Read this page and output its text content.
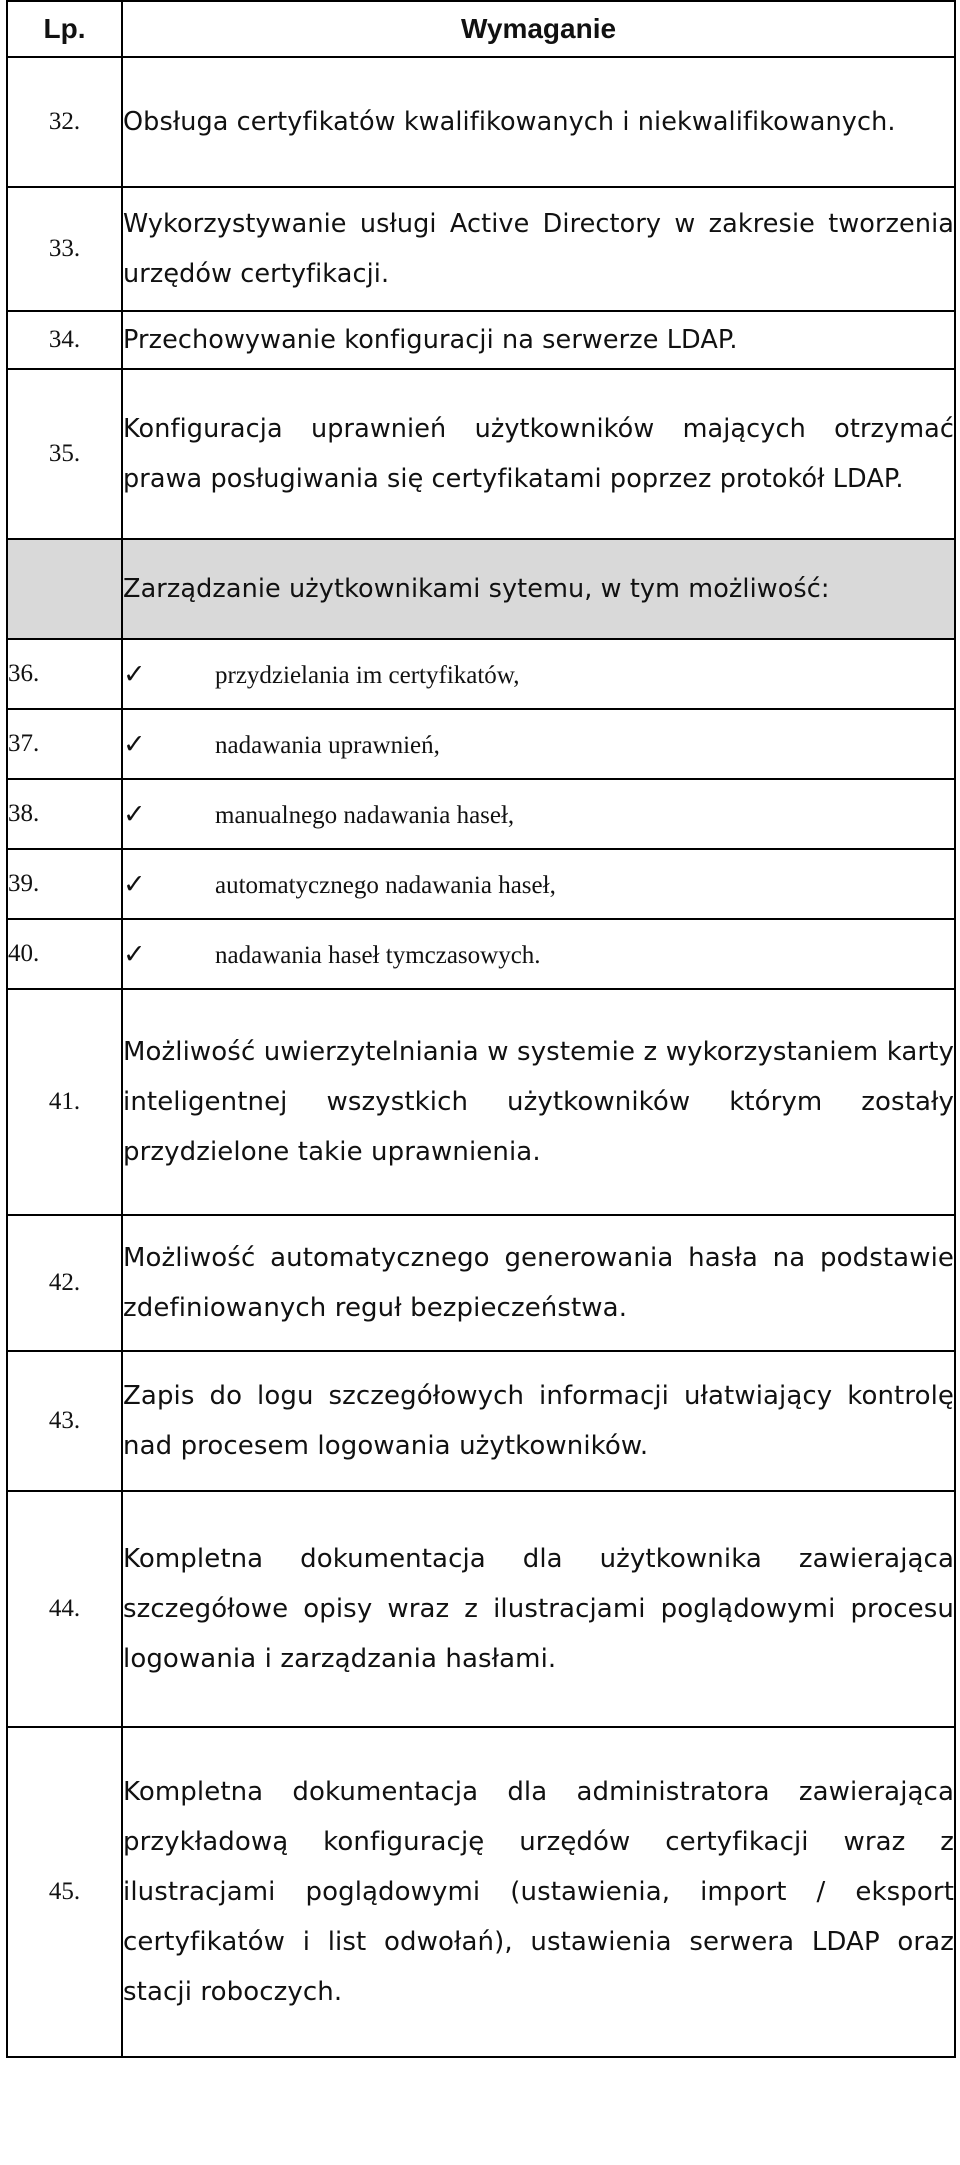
Lp.	Wymaganie
32.	Obsługa certyfikatów kwalifikowanych i niekwalifikowanych.
33.	Wykorzystywanie usługi Active Directory w zakresie tworzenia urzędów certyfikacji.
34.	Przechowywanie konfiguracji na serwerze LDAP.
35.	Konfiguracja uprawnień użytkowników mających otrzymać prawa posługiwania się certyfikatami poprzez protokół LDAP.
	Zarządzanie użytkownikami sytemu, w tym możliwość:
36.	✓ przydzielania im certyfikatów,
37.	✓ nadawania uprawnień,
38.	✓ manualnego nadawania haseł,
39.	✓ automatycznego nadawania haseł,
40.	✓ nadawania haseł tymczasowych.
41.	Możliwość uwierzytelniania w systemie z wykorzystaniem karty inteligentnej wszystkich użytkowników którym zostały przydzielone takie uprawnienia.
42.	Możliwość automatycznego generowania hasła na podstawie zdefiniowanych reguł bezpieczeństwa.
43.	Zapis do logu szczegółowych informacji ułatwiający kontrolę nad procesem logowania użytkowników.
44.	Kompletna dokumentacja dla użytkownika zawierająca szczegółowe opisy wraz z ilustracjami poglądowymi procesu logowania i zarządzania hasłami.
45.	Kompletna dokumentacja dla administratora zawierająca przykładową konfigurację urzędów certyfikacji wraz z ilustracjami poglądowymi (ustawienia, import / eksport certyfikatów i list odwołań), ustawienia serwera LDAP oraz stacji roboczych.
